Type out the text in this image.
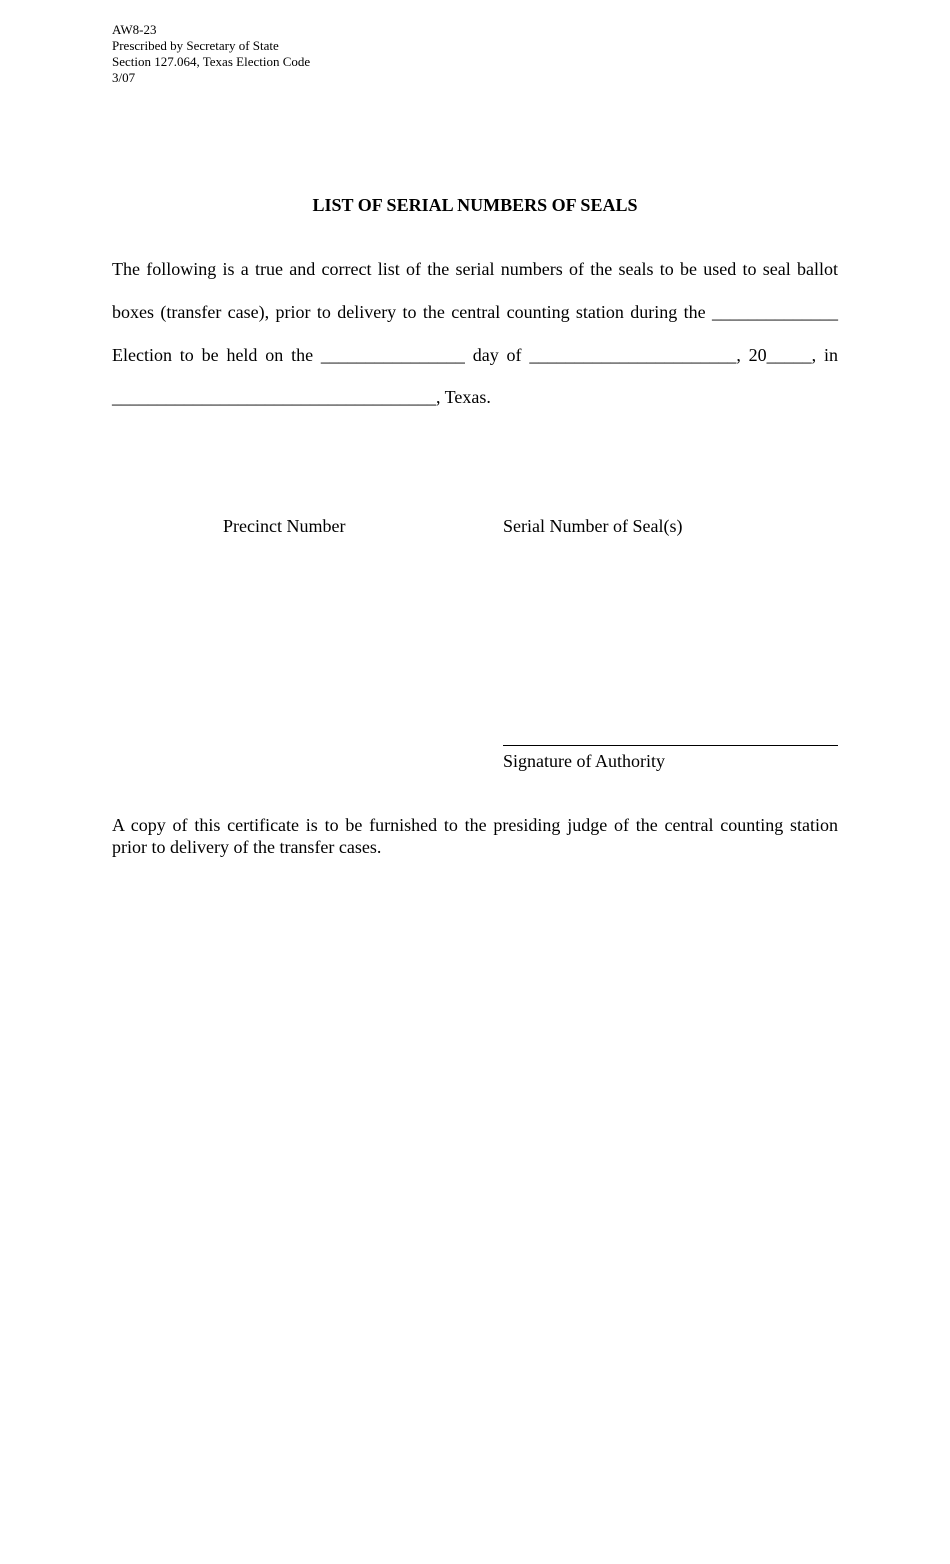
AW8-23
Prescribed by Secretary of State
Section 127.064, Texas Election Code
3/07
LIST OF SERIAL NUMBERS OF SEALS
The following is a true and correct list of the serial numbers of the seals to be used to seal ballot
boxes (transfer case), prior to delivery to the central counting station during the ______________
Election to be held on the ________________ day of _______________________, 20_____, in
____________________________________, Texas.
Precinct Number	Serial Number of Seal(s)
Signature of Authority
A copy of this certificate is to be furnished to the presiding judge of the central counting station prior to delivery of the transfer cases.
